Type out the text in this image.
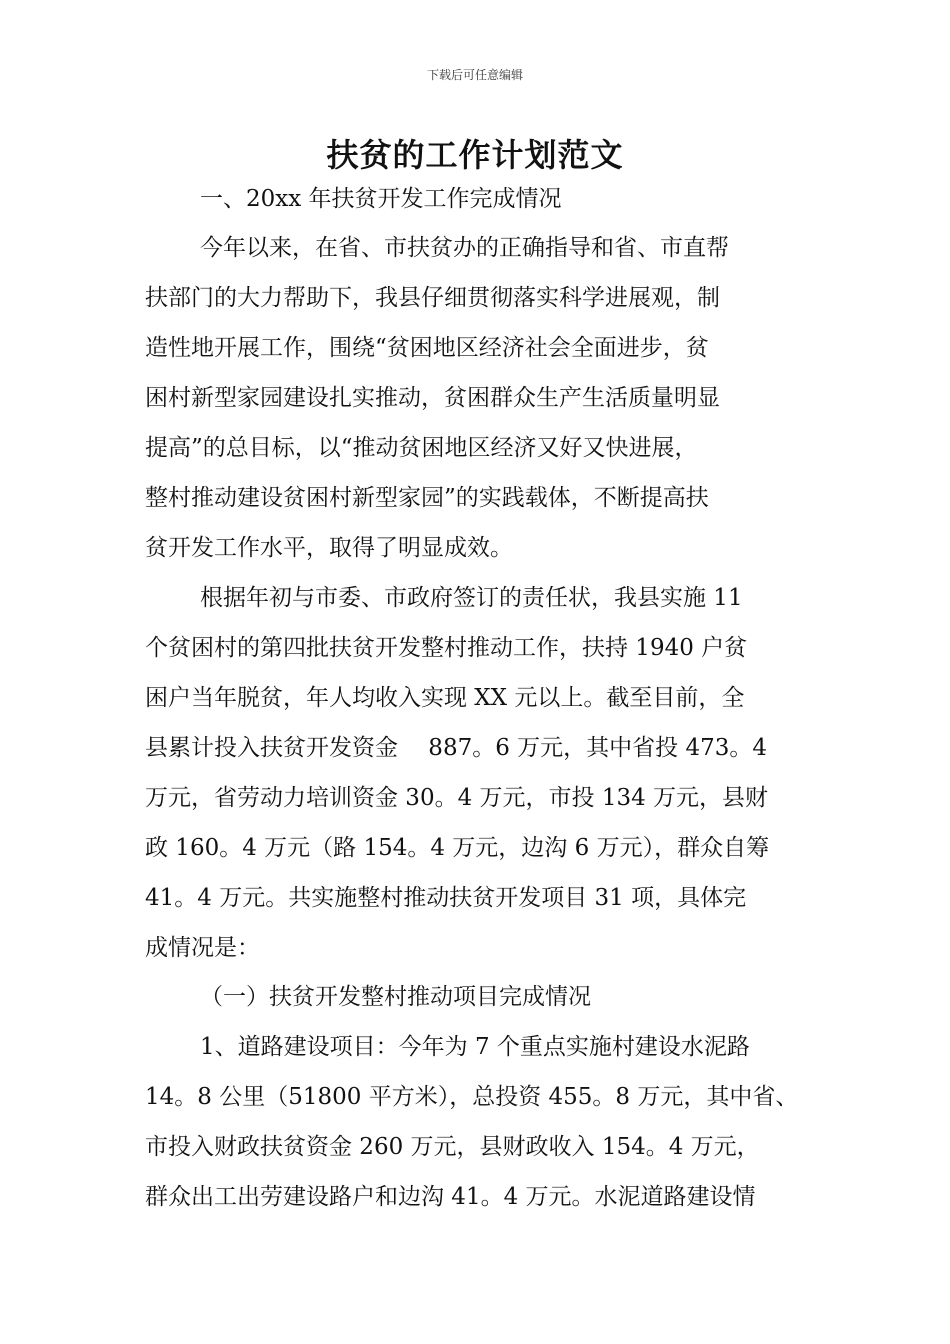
下载后可任意编辑
扶贫的工作计划范文
一、20xx 年扶贫开发工作完成情况
今年以来，在省、市扶贫办的正确指导和省、市直帮
扶部门的大力帮助下，我县仔细贯彻落实科学进展观，制
造性地开展工作，围绕“贫困地区经济社会全面进步，贫
困村新型家园建设扎实推动，贫困群众生产生活质量明显
提高”的总目标，以“推动贫困地区经济又好又快进展，
整村推动建设贫困村新型家园”的实践载体，不断提高扶
贫开发工作水平，取得了明显成效。
根据年初与市委、市政府签订的责任状，我县实施 11
个贫困村的第四批扶贫开发整村推动工作，扶持 1940 户贫
困户当年脱贫，年人均收入实现 XX 元以上。截至目前，全
县累计投入扶贫开发资金　 887。6 万元，其中省投 473。4
万元，省劳动力培训资金 30。4 万元，市投 134 万元，县财
政 160。4 万元（路 154。4 万元，边沟 6 万元），群众自筹
41。4 万元。共实施整村推动扶贫开发项目 31 项，具体完
成情况是：
（一）扶贫开发整村推动项目完成情况
1、道路建设项目：今年为 7 个重点实施村建设水泥路
14。8 公里（51800 平方米），总投资 455。8 万元，其中省、
市投入财政扶贫资金 260 万元，县财政收入 154。4 万元，
群众出工出劳建设路户和边沟 41。4 万元。水泥道路建设情
